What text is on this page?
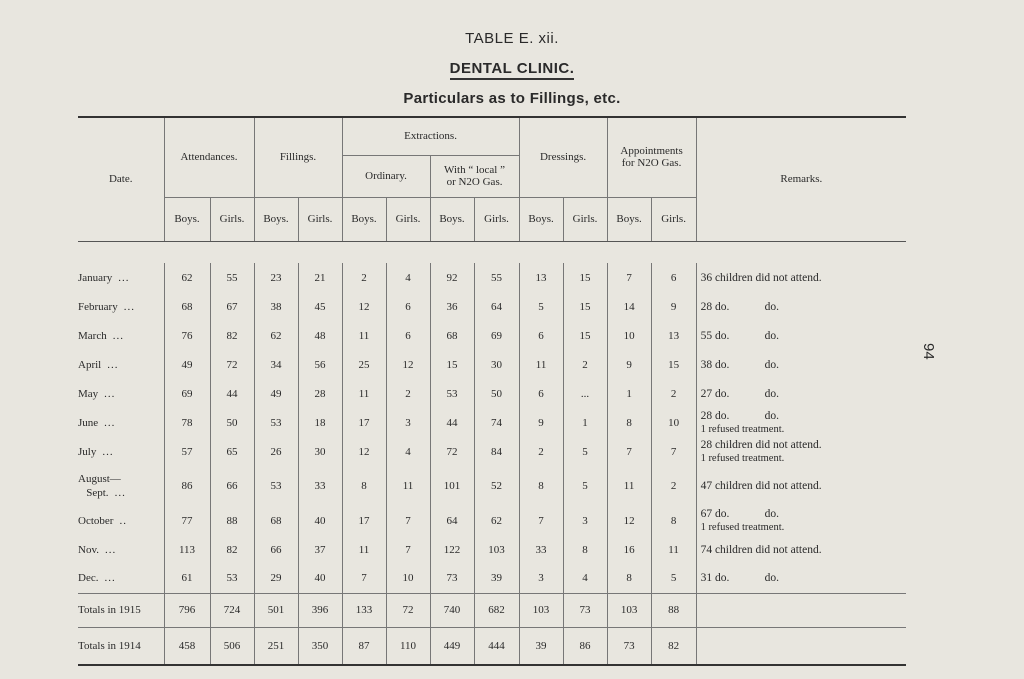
TABLE E. xii.
DENTAL CLINIC.
Particulars as to Fillings, etc.
94
Date.	Attendances.		Fillings.		Extractions.				Dressings.		Appointments
for N2O Gas.		Remarks.
					Ordinary.		With “ local ”
or N2O Gas.						
	Boys.	Girls.	Boys.	Girls.	Boys.	Girls.	Boys.	Girls.	Boys.	Girls.	Boys.	Girls.	

January ...	62	55	23	21	2	4	92	55	13	15	7	6	36 children did not attend.
February ...	68	67	38	45	12	6	36	64	5	15	14	9	28 do. do.
March ...	76	82	62	48	11	6	68	69	6	15	10	13	55 do. do.
April ...	49	72	34	56	25	12	15	30	11	2	9	15	38 do. do.
May ...	69	44	49	28	11	2	53	50	6	...	1	2	27 do. do.
June ...	78	50	53	18	17	3	44	74	9	1	8	10	28 do. do.
1 refused treatment.

July ...	57	65	26	30	12	4	72	84	2	5	7	7	28 children did not attend.
1 refused treatment.

August—
Sept. ...	86	66	53	33	8	11	101	52	8	5	11	2	47 children did not attend.
October ..	77	88	68	40	17	7	64	62	7	3	12	8	67 do. do.
1 refused treatment.

Nov. ...	113	82	66	37	11	7	122	103	33	8	16	11	74 children did not attend.
Dec. ...	61	53	29	40	7	10	73	39	3	4	8	5	31 do. do.
Totals in 1915	796	724	501	396	133	72	740	682	103	73	103	88	
Totals in 1914	458	506	251	350	87	110	449	444	39	86	73	82	
